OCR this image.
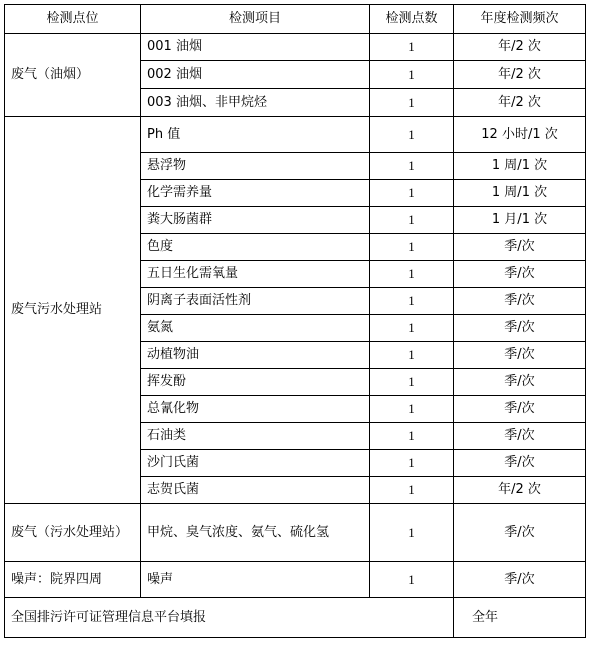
检测点位	检测项目	检测点数	年度检测频次
废气（油烟）	001 油烟	1	年/2 次
	002 油烟	1	年/2 次
	003 油烟、非甲烷烃	1	年/2 次
废气污水处理站	Ph 值	1	12 小时/1 次
	悬浮物	1	1 周/1 次
	化学需养量	1	1 周/1 次
	粪大肠菌群	1	1 月/1 次
	色度	1	季/次
	五日生化需氧量	1	季/次
	阴离子表面活性剂	1	季/次
	氨氮	1	季/次
	动植物油	1	季/次
	挥发酚	1	季/次
	总氰化物	1	季/次
	石油类	1	季/次
	沙门氏菌	1	季/次
	志贺氏菌	1	年/2 次
废气（污水处理站）	甲烷、臭气浓度、氨气、硫化氢	1	季/次
噪声：院界四周	噪声	1	季/次
全国排污许可证管理信息平台填报			全年
